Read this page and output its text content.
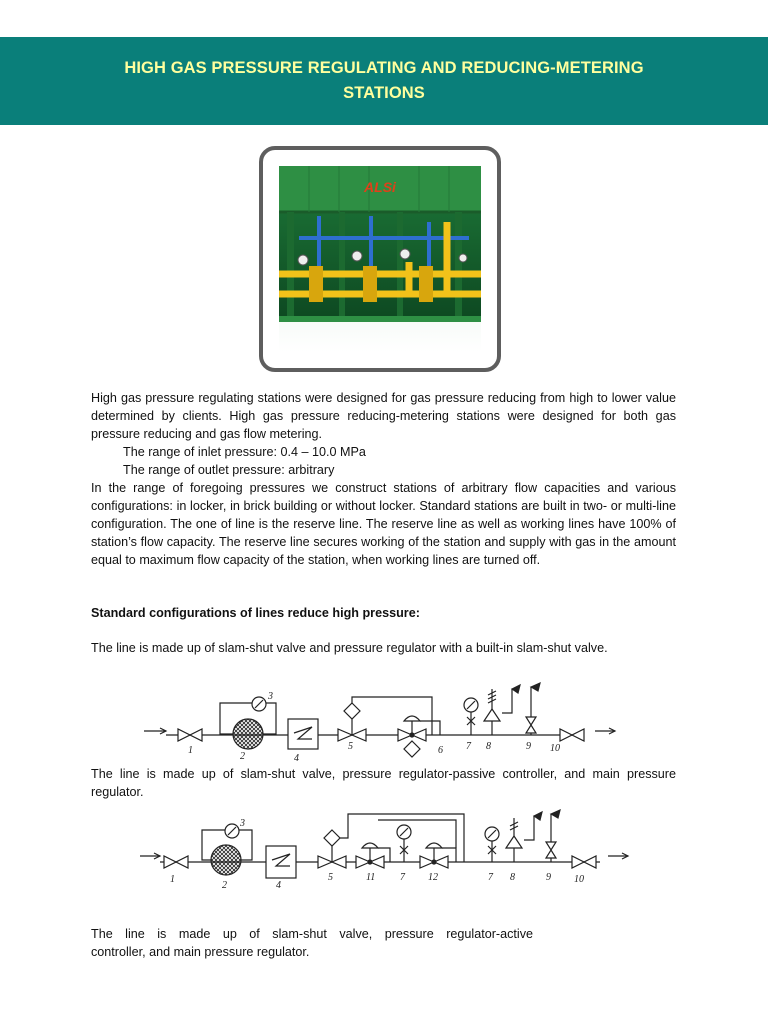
HIGH GAS PRESSURE REGULATING AND REDUCING-METERING STATIONS
ALSi
High gas pressure regulating stations were designed for gas pressure reducing from high to lower value determined by clients. High gas pressure reducing-metering stations were designed for both gas pressure reducing and gas flow metering.
The range of inlet pressure: 0.4 – 10.0 MPa
The range of outlet pressure: arbitrary
In the range of foregoing pressures we construct stations of arbitrary flow capacities and various configurations: in locker, in brick building or without locker. Standard stations are built in two- or multi-line configuration. The one of line is the reserve line. The reserve line as well as working lines have 100% of station’s flow capacity. The reserve line secures working of the station and supply with gas in the amount equal to maximum flow capacity of the station, when working lines are turned off.
Standard configurations of lines reduce high pressure:
The line is made up of slam-shut valve and pressure regulator with a built-in slam-shut valve.
1
2
3
4
5	6 7 8	9 10
The line is made up of slam-shut valve, pressure regulator-passive controller, and main pressure regulator.
1
2
3
4
5	11 7 12	7 8	9 10
The line is made up of slam-shut valve, pressure regulator-active
controller, and main pressure regulator.
